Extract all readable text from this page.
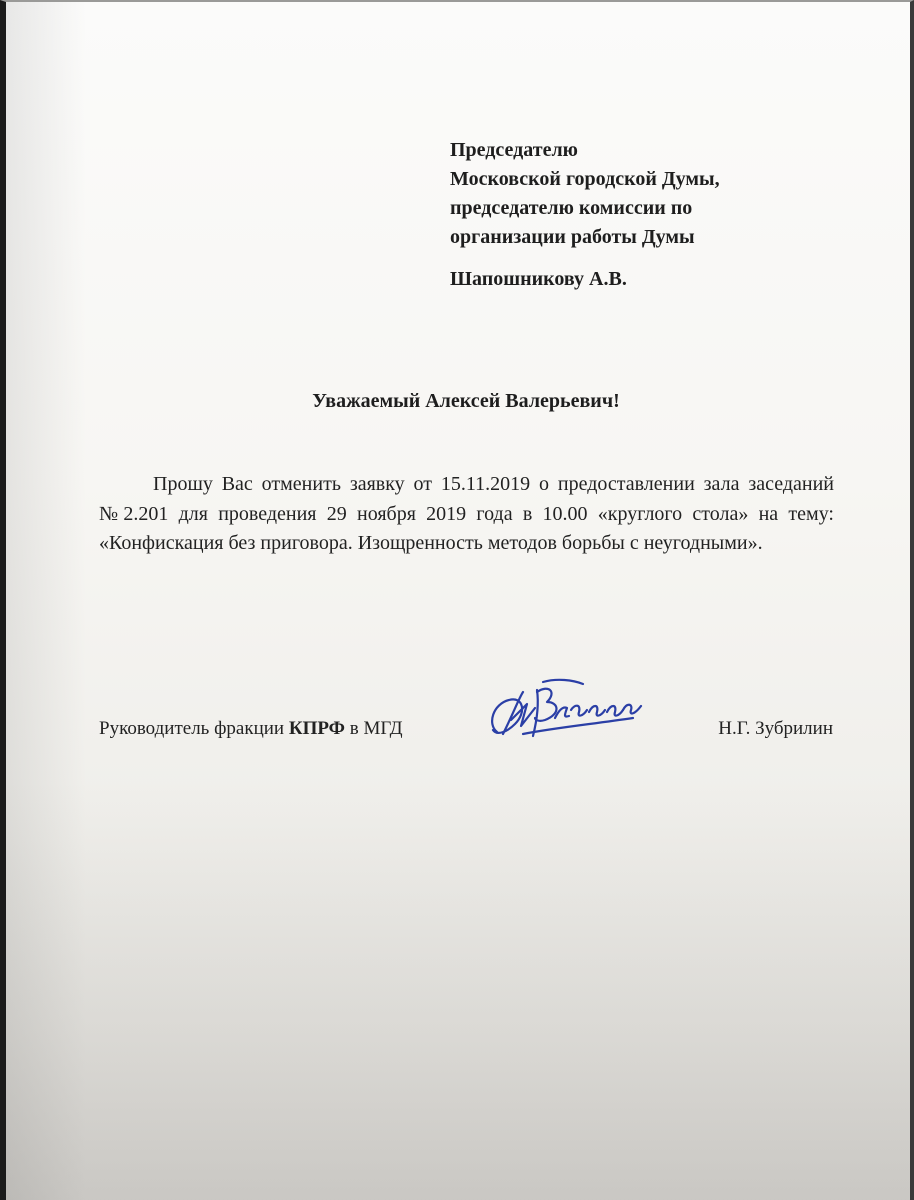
Председателю
Московской городской Думы,
председателю комиссии по
организации работы Думы
Шапошникову А.В.
Уважаемый Алексей Валерьевич!
Прошу Вас отменить заявку от 15.11.2019 о предоставлении зала заседаний №2.201 для проведения 29 ноября 2019 года в 10.00 «круглого стола» на тему: «Конфискация без приговора. Изощренность методов борьбы с неугодными».
Руководитель фракции КПРФ в МГД	Н.Г. Зубрилин
